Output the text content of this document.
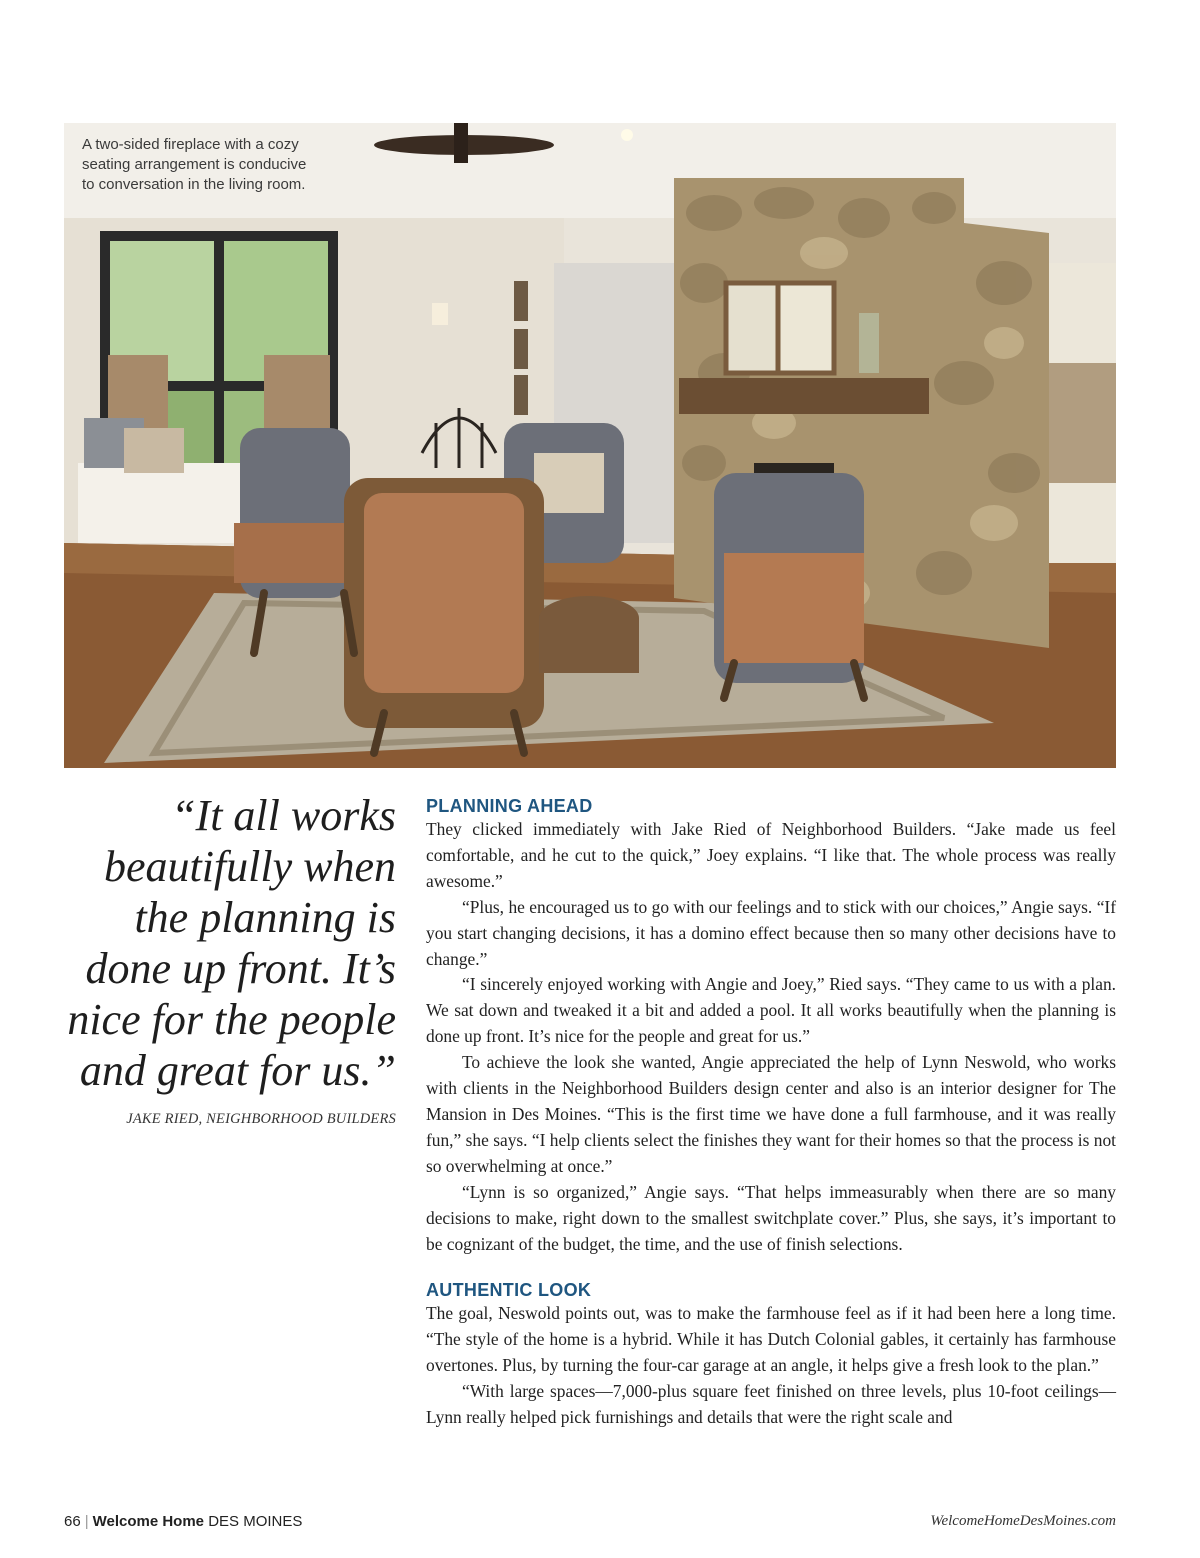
A two-sided fireplace with a cozy seating arrangement is conducive to conversation in the living room.
“It all works
beautifully when
the planning is
done up front. It’s
nice for the people
and great for us.”
JAKE RIED, NEIGHBORHOOD BUILDERS
PLANNING AHEAD

They clicked immediately with Jake Ried of Neighborhood Builders. “Jake made us feel comfortable, and he cut to the quick,” Joey explains. “I like that. The whole process was really awesome.”

“Plus, he encouraged us to go with our feelings and to stick with our choices,” Angie says. “If you start changing decisions, it has a domino effect because then so many other decisions have to change.”

“I sincerely enjoyed working with Angie and Joey,” Ried says. “They came to us with a plan. We sat down and tweaked it a bit and added a pool. It all works beautifully when the planning is done up front. It’s nice for the people and great for us.”

To achieve the look she wanted, Angie appreciated the help of Lynn Neswold, who works with clients in the Neighborhood Builders design center and also is an interior designer for The Mansion in Des Moines. “This is the first time we have done a full farmhouse, and it was really fun,” she says. “I help clients select the finishes they want for their homes so that the process is not so overwhelming at once.”

“Lynn is so organized,” Angie says. “That helps immeasurably when there are so many decisions to make, right down to the smallest switchplate cover.” Plus, she says, it’s important to be cognizant of the budget, the time, and the use of finish selections.

AUTHENTIC LOOK

The goal, Neswold points out, was to make the farmhouse feel as if it had been here a long time. “The style of the home is a hybrid. While it has Dutch Colonial gables, it certainly has farmhouse overtones. Plus, by turning the four-car garage at an angle, it helps give a fresh look to the plan.”

“With large spaces—7,000-plus square feet finished on three levels, plus 10-foot ceilings—Lynn really helped pick furnishings and details that were the right scale and

66 | Welcome Home DES MOINES	WelcomeHomeDesMoines.com
